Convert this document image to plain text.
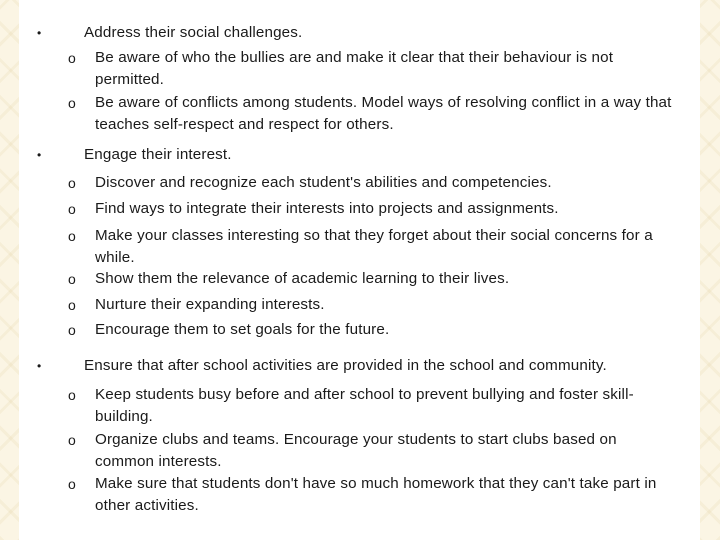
•	Address their social challenges.
o	Be aware of who the bullies are and make it clear that their behaviour is not permitted.
o	Be aware of conflicts among students. Model ways of resolving conflict in a way that teaches self-respect and respect for others.
•	Engage their interest.
o	Discover and recognize each student's abilities and competencies.
o	Find ways to integrate their interests into projects and assignments.
o	Make your classes interesting so that they forget about their social concerns for a while.
o	Show them the relevance of academic learning to their lives.
o	Nurture their expanding interests.
o	Encourage them to set goals for the future.
•	Ensure that after school activities are provided in the school and community.
o	Keep students busy before and after school to prevent bullying and foster skill-building.
o	Organize clubs and teams. Encourage your students to start clubs based on common interests.
o	Make sure that students don't have so much homework that they can't take part in other activities.
